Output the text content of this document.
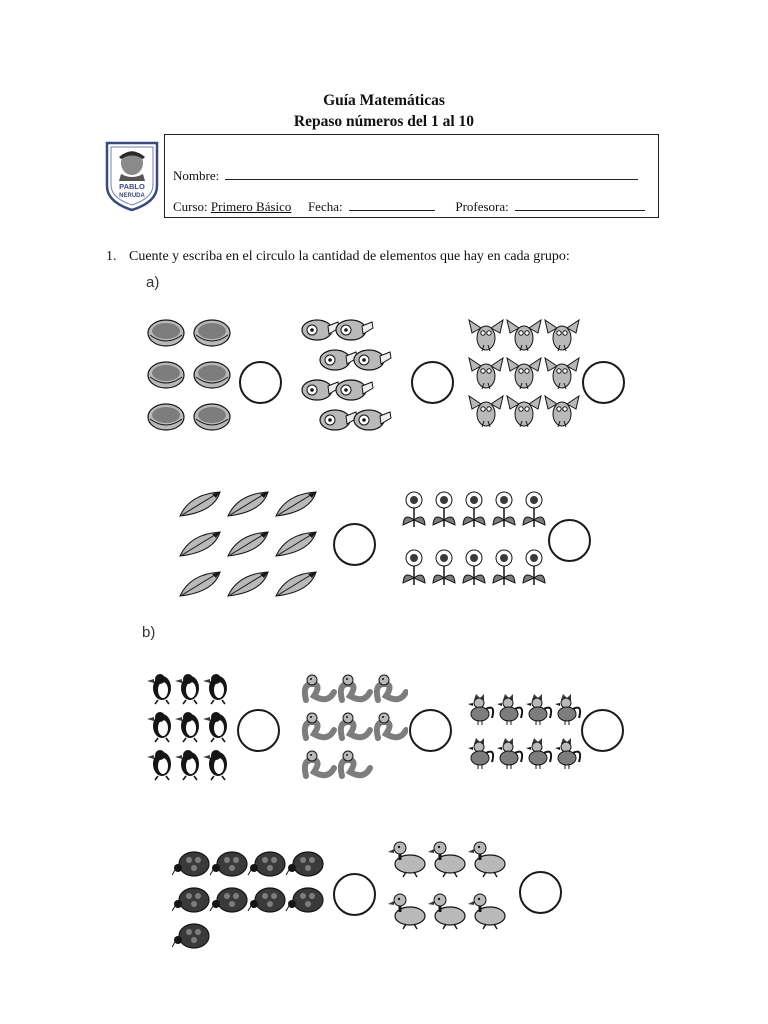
Guía Matemáticas
Repaso números del 1 al 10
PABLO
NERUDA
Nombre:
Curso: Primero Básico Fecha:	Profesora:
1. Cuente y escriba en el circulo la cantidad de elementos que hay en cada grupo:
a)
b)
